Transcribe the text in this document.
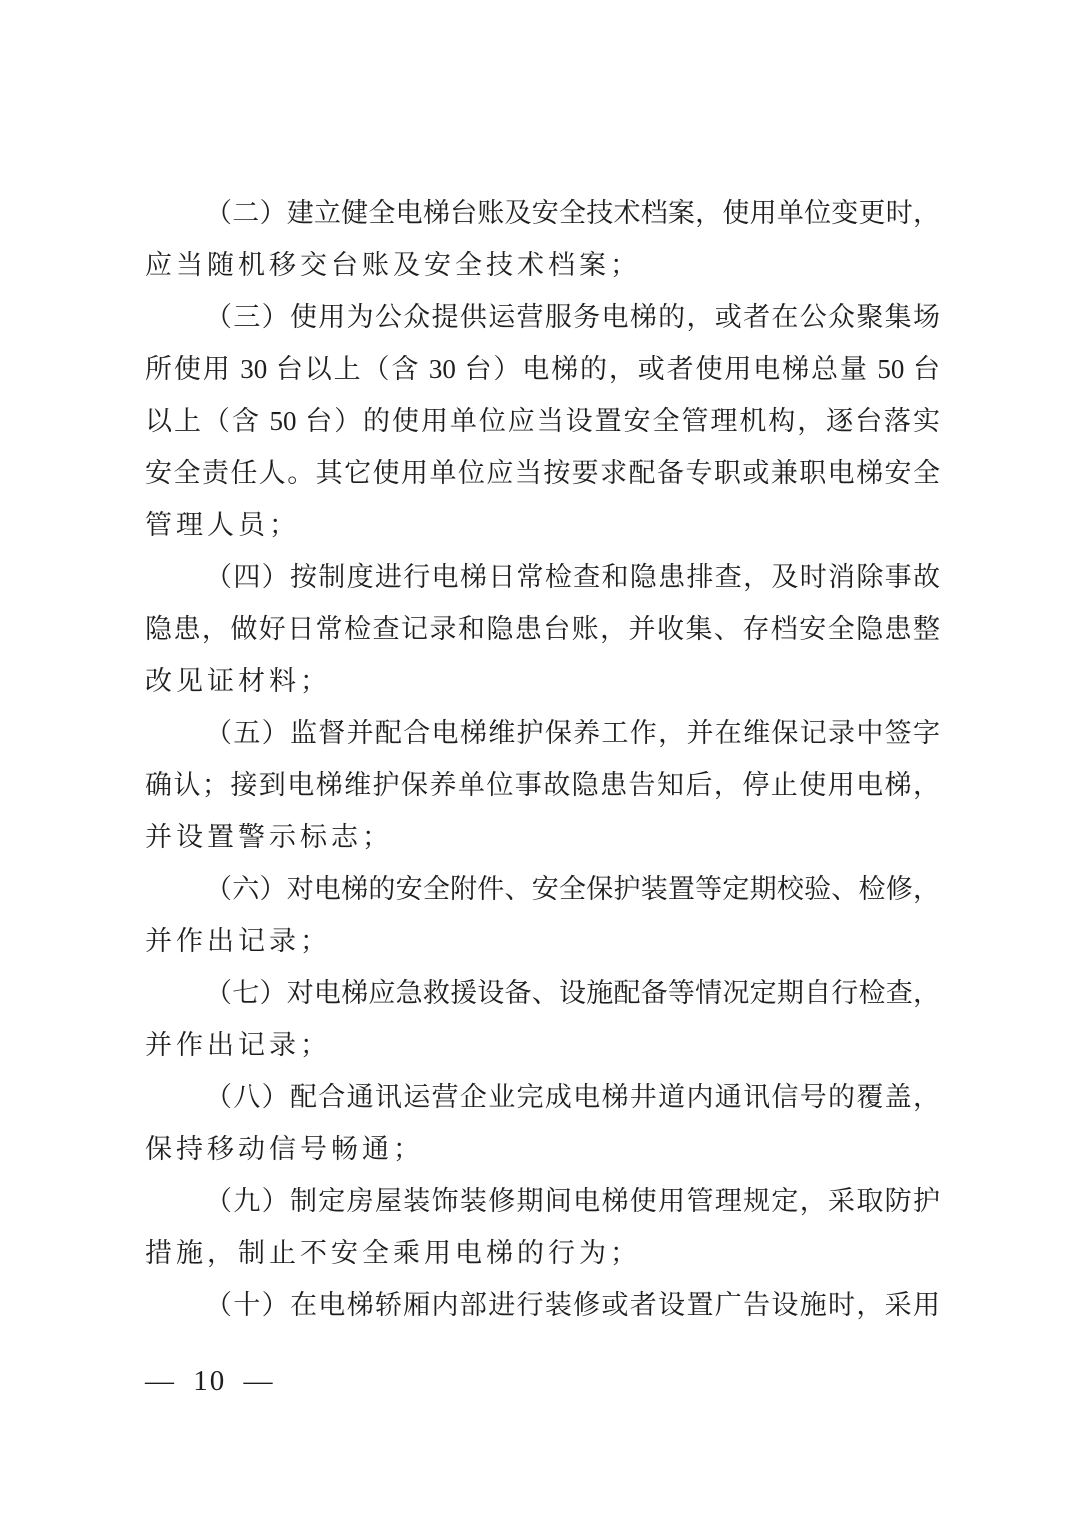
（二）建立健全电梯台账及安全技术档案，使用单位变更时，
应当随机移交台账及安全技术档案；
（三）使用为公众提供运营服务电梯的，或者在公众聚集场
所使用 30 台以上（含 30 台）电梯的，或者使用电梯总量 50 台
以上（含 50 台）的使用单位应当设置安全管理机构，逐台落实
安全责任人。其它使用单位应当按要求配备专职或兼职电梯安全
管理人员；
（四）按制度进行电梯日常检查和隐患排查，及时消除事故
隐患，做好日常检查记录和隐患台账，并收集、存档安全隐患整
改见证材料；
（五）监督并配合电梯维护保养工作，并在维保记录中签字
确认；接到电梯维护保养单位事故隐患告知后，停止使用电梯，
并设置警示标志；
（六）对电梯的安全附件、安全保护装置等定期校验、检修，
并作出记录；
（七）对电梯应急救援设备、设施配备等情况定期自行检查，
并作出记录；
（八）配合通讯运营企业完成电梯井道内通讯信号的覆盖，
保持移动信号畅通；
（九）制定房屋装饰装修期间电梯使用管理规定，采取防护
措施，制止不安全乘用电梯的行为；
（十）在电梯轿厢内部进行装修或者设置广告设施时，采用
— 10 —
